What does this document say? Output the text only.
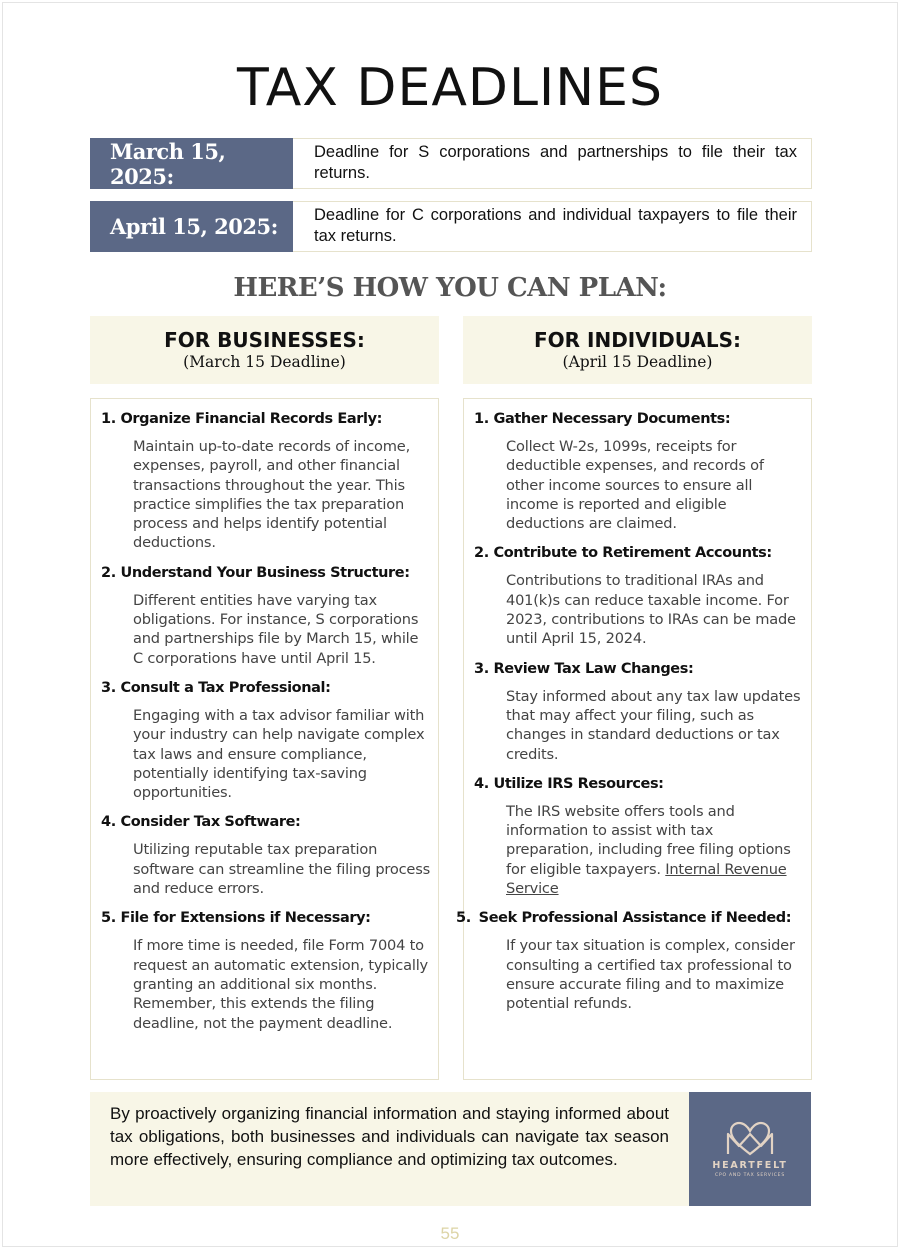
TAX DEADLINES
March 15, 2025:
Deadline for S corporations and partnerships to file their tax returns.
April 15, 2025:	Deadline for C corporations and individual taxpayers to file their tax returns.
HERE’S HOW YOU CAN PLAN:
FOR BUSINESSES:
(March 15 Deadline)
1. Organize Financial Records Early:
Maintain up-to-date records of income, expenses, payroll, and other financial transactions throughout the year. This practice simplifies the tax preparation process and helps identify potential deductions.
2. Understand Your Business Structure:
Different entities have varying tax obligations. For instance, S corporations and partnerships file by March 15, while C corporations have until April 15.
3. Consult a Tax Professional:
Engaging with a tax advisor familiar with your industry can help navigate complex tax laws and ensure compliance, potentially identifying tax-saving opportunities.
4. Consider Tax Software:
Utilizing reputable tax preparation software can streamline the filing process and reduce errors.
5. File for Extensions if Necessary:
If more time is needed, file Form 7004 to request an automatic extension, typically granting an additional six months. Remember, this extends the filing deadline, not the payment deadline.
FOR INDIVIDUALS:
(April 15 Deadline)
1. Gather Necessary Documents:
Collect W-2s, 1099s, receipts for deductible expenses, and records of other income sources to ensure all income is reported and eligible deductions are claimed.
2. Contribute to Retirement Accounts:
Contributions to traditional IRAs and 401(k)s can reduce taxable income. For 2023, contributions to IRAs can be made until April 15, 2024.
3. Review Tax Law Changes:
Stay informed about any tax law updates that may affect your filing, such as changes in standard deductions or tax credits.
4. Utilize IRS Resources:
The IRS website offers tools and information to assist with tax preparation, including free filing options for eligible taxpayers. Internal Revenue Service
5. Seek Professional Assistance if Needed:
If your tax situation is complex, consider consulting a certified tax professional to ensure accurate filing and to maximize potential refunds.
By proactively organizing financial information and staying informed about tax obligations, both businesses and individuals can navigate tax season more effectively, ensuring compliance and optimizing tax outcomes.	HEARTFELT
CPO AND TAX SERVICES
55
